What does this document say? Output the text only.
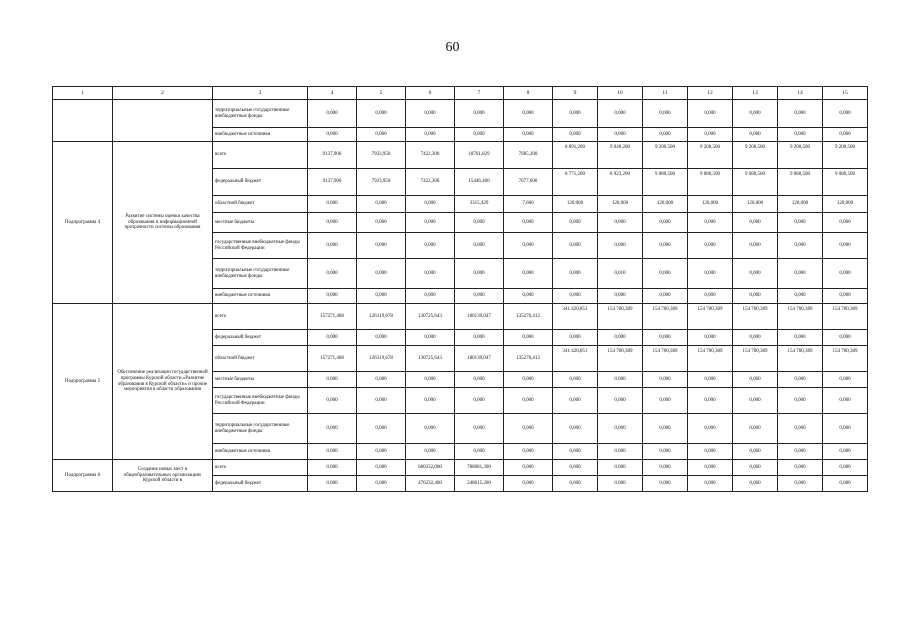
60
1	2	3	4	5	6	7	8	9	10	11	12	13	14	15
		территориальные государственные внебюджетные фонды	0,000	0,000	0,000	0,000	0,000	0,000	0,000	0,000	0,000	0,000	0,000	0,000
		внебюджетные источники	0,000	0,000	0,000	0,000	0,000	0,000	0,000	0,000	0,000	0,000	0,000	0,000
Подпрограмма 4	Развитие системы оценки качества образования и информационной прозрачности системы образования	всего	9137,900	7933,950	7422,300	18761,829	7685,200	8 891,200	9 040,200	9 200,500	9 200,500	9 200,500	9 200,500	9 200,500
		федеральный бюджет	9137,900	7933,950	7422,300	15446,400	7677,600	8 771,200	8 923,200	9 080,500	9 080,500	9 080,500	9 080,500	9 080,500
		областной бюджет	0,000	0,000	0,000	3315,429	7,600	120,000	120,000	120,000	120,000	120,000	120,000	120,000
		местные бюджеты	0,000	0,000	0,000	0,000	0,000	0,000	0,000	0,000	0,000	0,000	0,000	0,000
		государственные внебюджетные фонды Российской Федерации	0,000	0,000	0,000	0,000	0,000	0,000	0,000	0,000	0,000	0,000	0,000	0,000
		территориальные государственные внебюджетные фонды	0,000	0,000	0,000	0,000	0,000	0,000	0,010	0,000	0,000	0,000	0,000	0,000
		внебюджетные источники	0,000	0,000	0,000	0,000	0,000	0,000	0,000	0,000	0,000	0,000	0,000	0,000
Подпрограмма 5	Обеспечение реализации государственной программы Курской области «Развитие образования в Курской области» и прочие мероприятия в области образования	всего	157271,468	126319,678	130725,643	180139,047	135276,412	341 420,851	154 700,389	154 700,389	154 700,389	154 700,389	154 700,389	154 700,389
		федеральный бюджет	0,000	0,000	0,000	0,000	0,000	0,000	0,000	0,000	0,000	0,000	0,000	0,000
		областной бюджет	157271,468	126319,678	130725,643	180139,047	135276,412	341 420,851	154 700,389	154 700,389	154 700,389	154 700,389	154 700,389	154 700,389
		местные бюджеты	0,000	0,000	0,000	0,000	0,000	0,000	0,000	0,000	0,000	0,000	0,000	0,000
		государственные внебюджетные фонды Российской Федерации	0,000	0,000	0,000	0,000	0,000	0,000	0,000	0,000	0,000	0,000	0,000	0,000
		территориальные государственные внебюджетные фонды	0,000	0,000	0,000	0,000	0,000	0,000	0,000	0,000	0,000	0,000	0,000	0,000
		внебюджетные источники	0,000	0,000	0,000	0,000	0,000	0,000	0,000	0,000	0,000	0,000	0,000	0,000
Подпрограмма 6	Создание новых мест в общеобразовательных организациях Курской области в	всего	0,000	0,000	680332,000	788081,300	0,000	0,000	0,000	0,000	0,000	0,000	0,000	0,000
		федеральный бюджет	0,000	0,000	476232,400	248615,200	0,000	0,000	0,000	0,000	0,000	0,000	0,000	0,000
